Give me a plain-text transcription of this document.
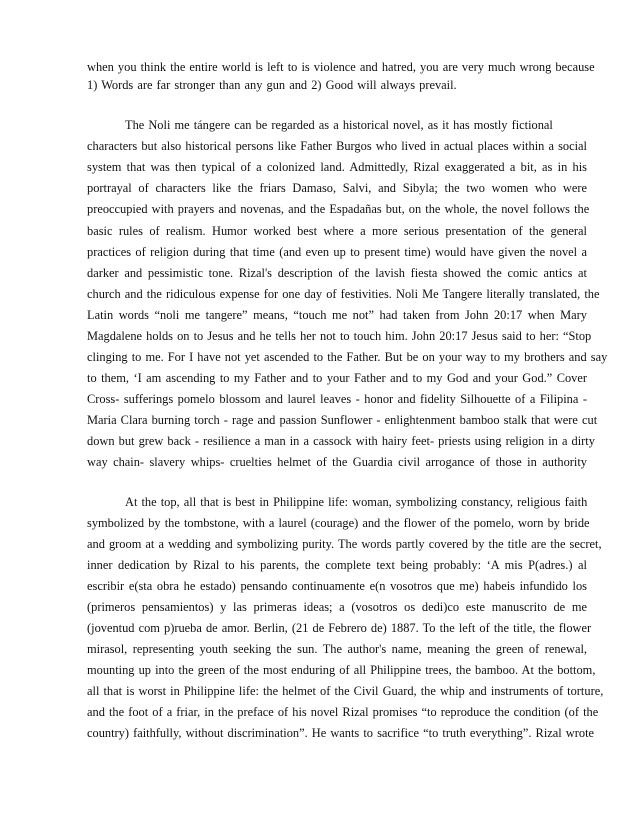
when you think the entire world is left to is violence and hatred, you are very much wrong because
1) Words are far stronger than any gun and 2) Good will always prevail.
The Noli me tángere can be regarded as a historical novel, as it has mostly fictional
characters but also historical persons like Father Burgos who lived in actual places within a social
system that was then typical of a colonized land. Admittedly, Rizal exaggerated a bit, as in his
portrayal of characters like the friars Damaso, Salvi, and Sibyla; the two women who were
preoccupied with prayers and novenas, and the Espadañas but, on the whole, the novel follows the
basic rules of realism. Humor worked best where a more serious presentation of the general
practices of religion during that time (and even up to present time) would have given the novel a
darker and pessimistic tone. Rizal's description of the lavish fiesta showed the comic antics at
church and the ridiculous expense for one day of festivities. Noli Me Tangere literally translated, the
Latin words “noli me tangere” means, “touch me not” had taken from John 20:17 when Mary
Magdalene holds on to Jesus and he tells her not to touch him. John 20:17 Jesus said to her: “Stop
clinging to me. For I have not yet ascended to the Father. But be on your way to my brothers and say
to them, ‘I am ascending to my Father and to your Father and to my God and your God.” Cover
Cross- sufferings pomelo blossom and laurel leaves - honor and fidelity Silhouette of a Filipina -
Maria Clara burning torch - rage and passion Sunflower - enlightenment bamboo stalk that were cut
down but grew back - resilience a man in a cassock with hairy feet- priests using religion in a dirty
way chain- slavery whips- cruelties helmet of the Guardia civil arrogance of those in authority
At the top, all that is best in Philippine life: woman, symbolizing constancy, religious faith
symbolized by the tombstone, with a laurel (courage) and the flower of the pomelo, worn by bride
and groom at a wedding and symbolizing purity. The words partly covered by the title are the secret,
inner dedication by Rizal to his parents, the complete text being probably: ‘A mis P(adres.) al
escribir e(sta obra he estado) pensando continuamente e(n vosotros que me) habeis infundido los
(primeros pensamientos) y las primeras ideas; a (vosotros os dedi)co este manuscrito de me
(joventud com p)rueba de amor. Berlin, (21 de Febrero de) 1887. To the left of the title, the flower
mirasol, representing youth seeking the sun. The author's name, meaning the green of renewal,
mounting up into the green of the most enduring of all Philippine trees, the bamboo. At the bottom,
all that is worst in Philippine life: the helmet of the Civil Guard, the whip and instruments of torture,
and the foot of a friar, in the preface of his novel Rizal promises “to reproduce the condition (of the
country) faithfully, without discrimination”. He wants to sacrifice “to truth everything”. Rizal wrote
